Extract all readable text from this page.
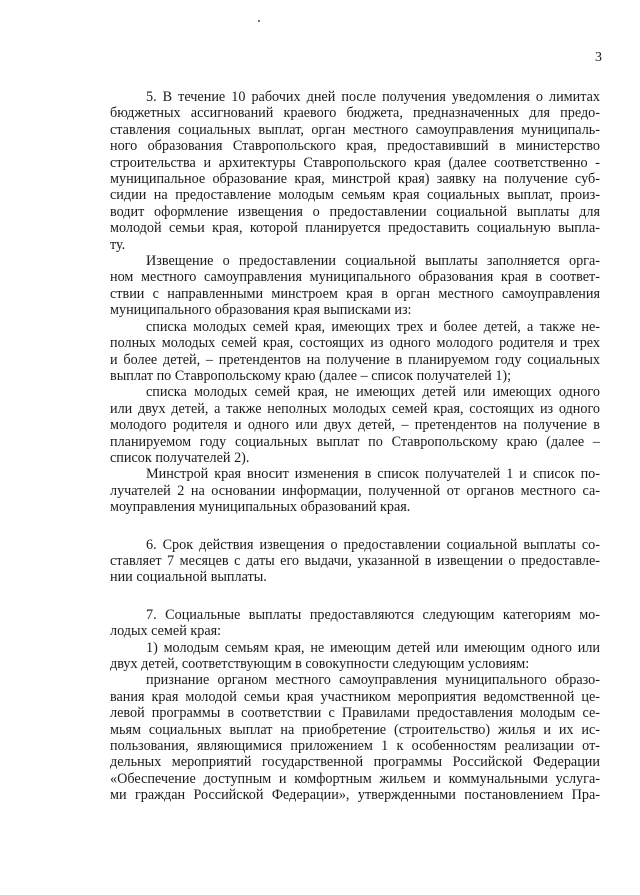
3

5. В течение 10 рабочих дней после получения уведомления о лимитах
бюджетных ассигнований краевого бюджета, предназначенных для предо-
ставления социальных выплат, орган местного самоуправления муниципаль-
ного образования Ставропольского края, предоставивший в министерство
строительства и архитектуры Ставропольского края (далее соответственно -
муниципальное образование края, минстрой края) заявку на получение суб-
сидии на предоставление молодым семьям края социальных выплат, произ-
водит оформление извещения о предоставлении социальной выплаты для
молодой семьи края, которой планируется предоставить социальную выпла-
ту.

Извещение о предоставлении социальной выплаты заполняется орга-
ном местного самоуправления муниципального образования края в соответ-
ствии с направленными минстроем края в орган местного самоуправления
муниципального образования края выписками из:

списка молодых семей края, имеющих трех и более детей, а также не-
полных молодых семей края, состоящих из одного молодого родителя и трех
и более детей, – претендентов на получение в планируемом году социальных
выплат по Ставропольскому краю (далее – список получателей 1);

списка молодых семей края, не имеющих детей или имеющих одного
или двух детей, а также неполных молодых семей края, состоящих из одного
молодого родителя и одного или двух детей, – претендентов на получение в
планируемом году социальных выплат по Ставропольскому краю (далее –
список получателей 2).

Минстрой края вносит изменения в список получателей 1 и список по-
лучателей 2 на основании информации, полученной от органов местного са-
моуправления муниципальных образований края.

6. Срок действия извещения о предоставлении социальной выплаты со-
ставляет 7 месяцев с даты его выдачи, указанной в извещении о предоставле-
нии социальной выплаты.

7. Социальные выплаты предоставляются следующим категориям мо-
лодых семей края:

1) молодым семьям края, не имеющим детей или имеющим одного или
двух детей, соответствующим в совокупности следующим условиям:

признание органом местного самоуправления муниципального образо-
вания края молодой семьи края участником мероприятия ведомственной це-
левой программы в соответствии с Правилами предоставления молодым се-
мьям социальных выплат на приобретение (строительство) жилья и их ис-
пользования, являющимися приложением 1 к особенностям реализации от-
дельных мероприятий государственной программы Российской Федерации
«Обеспечение доступным и комфортным жильем и коммунальными услуга-
ми граждан Российской Федерации», утвержденными постановлением Пра-
